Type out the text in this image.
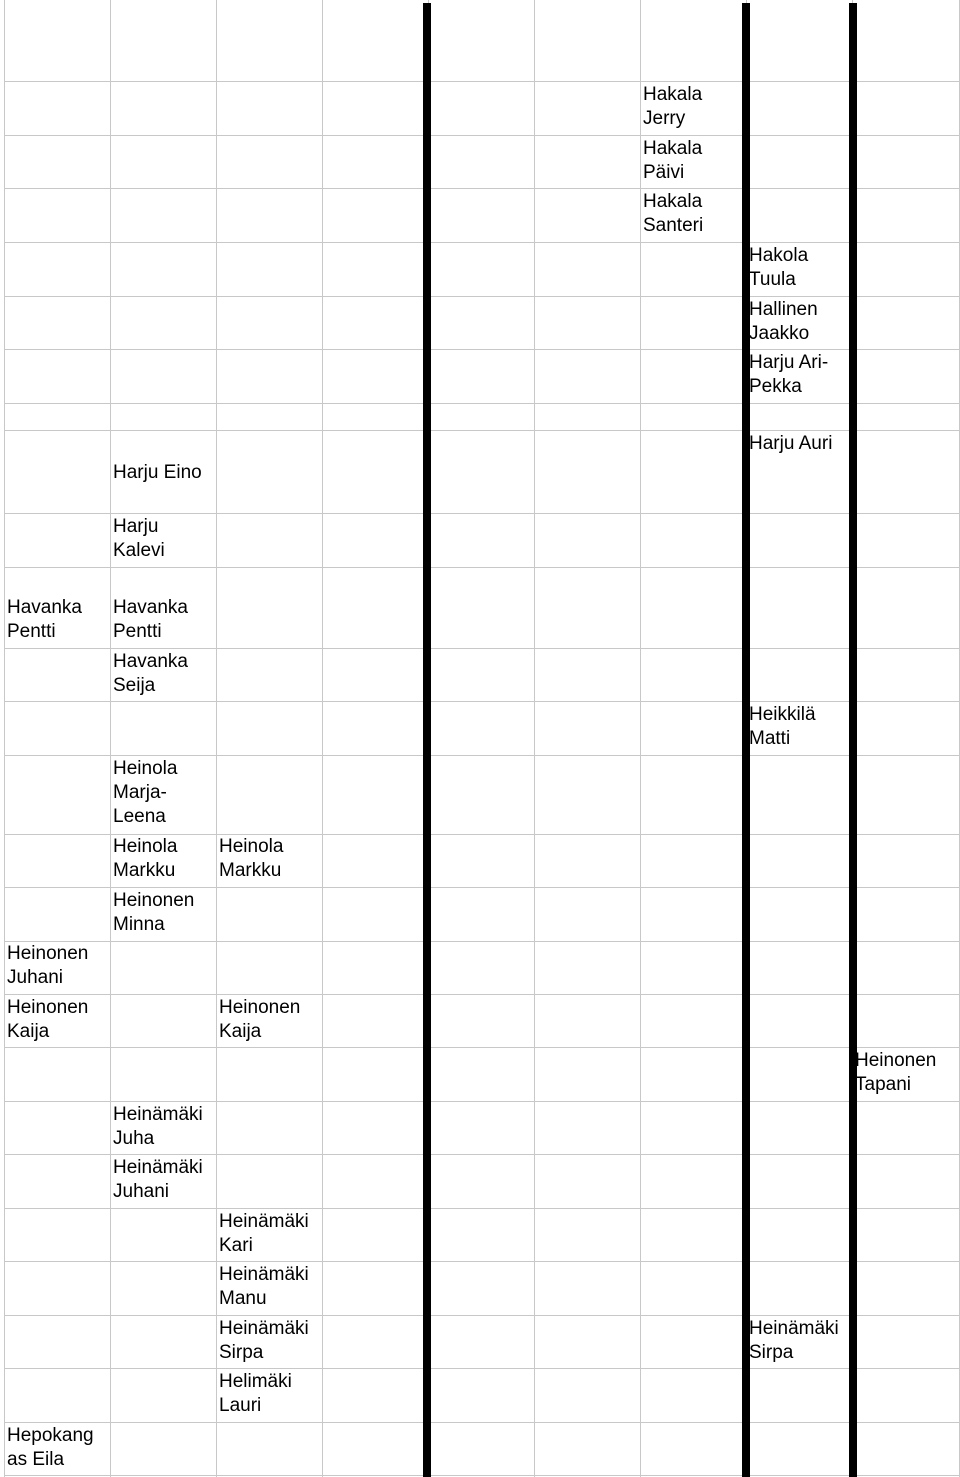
Hakala
Jerry
Hakala
Päivi
Hakala
Santeri
Hakola
Tuula
Hallinen
Jaakko
Harju Ari-
Pekka
Harju Auri
Harju Eino
Harju
Kalevi
Havanka
Pentti
Havanka
Pentti
Havanka
Seija
Heikkilä
Matti
Heinola
Marja-
Leena
Heinola
Markku
Heinola
Markku
Heinonen
Minna
Heinonen
Juhani
Heinonen
Kaija
Heinonen
Kaija
Heinonen
Tapani
Heinämäki
Juha
Heinämäki
Juhani
Heinämäki
Kari
Heinämäki
Manu
Heinämäki
Sirpa
Heinämäki
Sirpa
Helimäki
Lauri
Hepokang
as Eila
